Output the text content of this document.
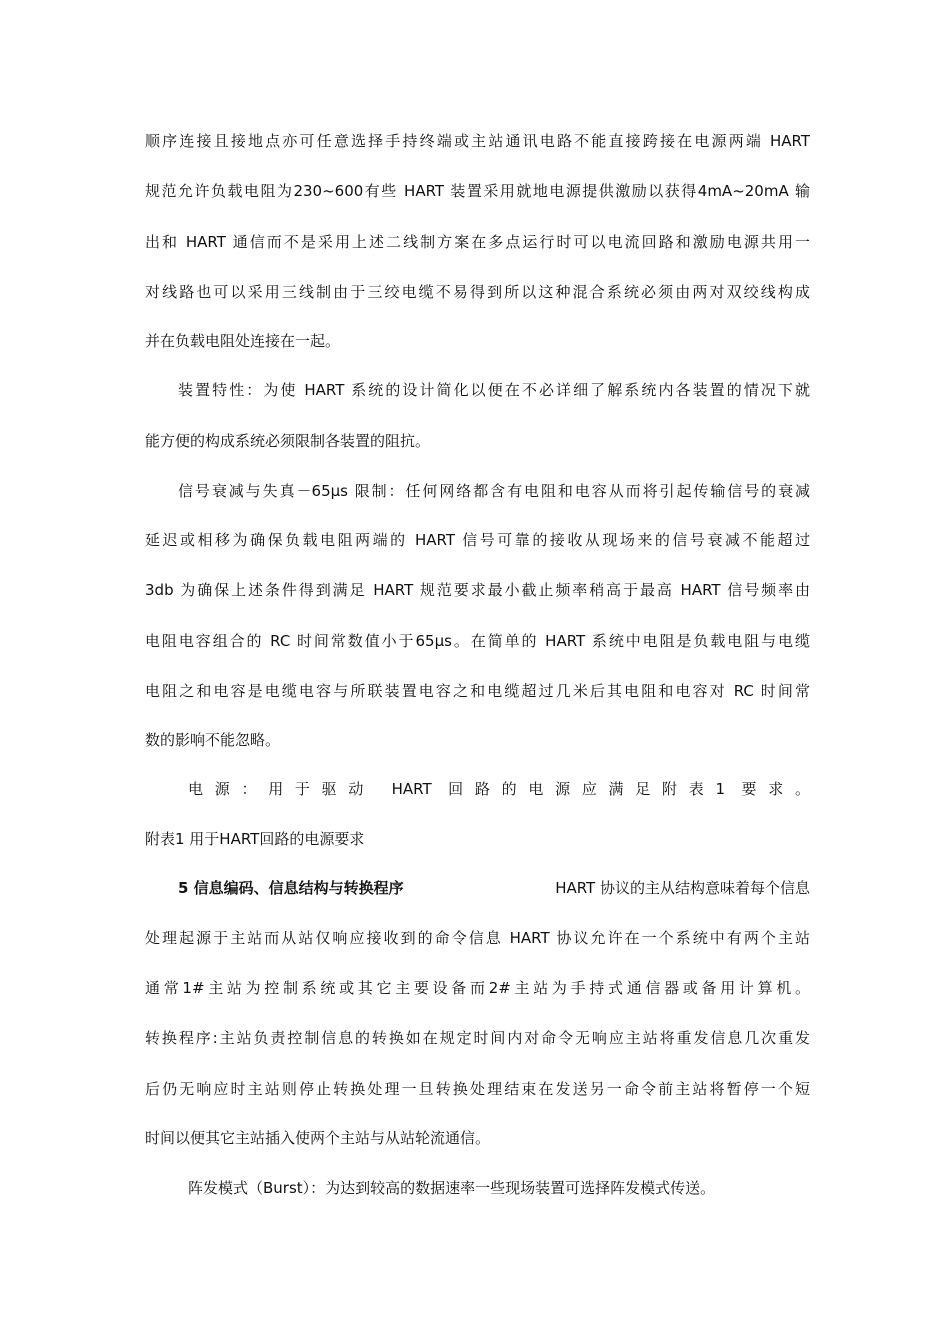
顺序连接且接地点亦可任意选择手持终端或主站通讯电路不能直接跨接在电源两端 HART
规范允许负载电阻为230~600有些 HART 装置采用就地电源提供激励以获得4mA~20mA 输
出和 HART 通信而不是采用上述二线制方案在多点运行时可以电流回路和激励电源共用一
对线路也可以采用三线制由于三绞电缆不易得到所以这种混合系统必须由两对双绞线构成
并在负载电阻处连接在一起。
装置特性：为使 HART 系统的设计简化以便在不必详细了解系统内各装置的情况下就
能方便的构成系统必须限制各装置的阻抗。
信号衰减与失真－65μs 限制：任何网络都含有电阻和电容从而将引起传输信号的衰减
延迟或相移为确保负载电阻两端的 HART 信号可靠的接收从现场来的信号衰减不能超过
3db 为确保上述条件得到满足 HART 规范要求最小截止频率稍高于最高 HART 信号频率由
电阻电容组合的 RC 时间常数值小于65μs。在简单的 HART 系统中电阻是负载电阻与电缆
电阻之和电容是电缆电容与所联装置电容之和电缆超过几米后其电阻和电容对 RC 时间常
数的影响不能忽略。
电源：用于驱动 HART 回路的电源应满足附表1 要求。
附表1 用于HART回路的电源要求
5 信息编码、信息结构与转换程序	HART 协议的主从结构意味着每个信息
处理起源于主站而从站仅响应接收到的命令信息 HART 协议允许在一个系统中有两个主站
通常1#主站为控制系统或其它主要设备而2#主站为手持式通信器或备用计算机。
转换程序:主站负责控制信息的转换如在规定时间内对命令无响应主站将重发信息几次重发
后仍无响应时主站则停止转换处理一旦转换处理结束在发送另一命令前主站将暂停一个短
时间以便其它主站插入使两个主站与从站轮流通信。
阵发模式（Burst）：为达到较高的数据速率一些现场装置可选择阵发模式传送。
